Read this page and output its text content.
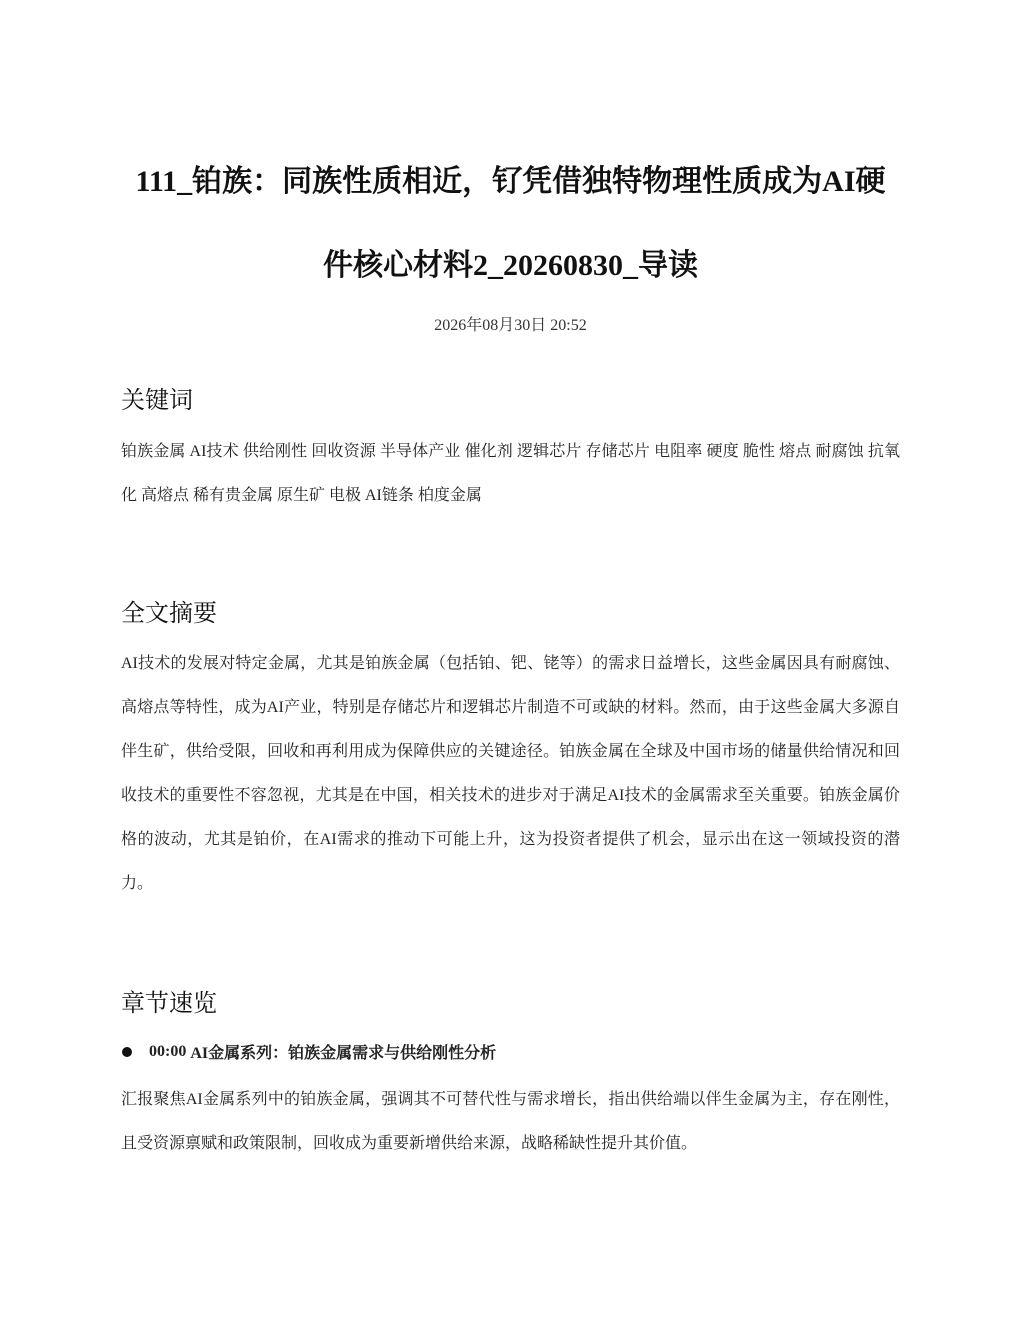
111_铂族：同族性质相近，钌凭借独特物理性质成为AI硬件核心材料2_20260830_导读
2026年08月30日 20:52
关键词

铂族金属 AI技术 供给刚性 回收资源 半导体产业 催化剂 逻辑芯片 存储芯片 电阻率 硬度 脆性 熔点 耐腐蚀 抗氧化 高熔点 稀有贵金属 原生矿 电极 AI链条 柏度金属

全文摘要

AI技术的发展对特定金属，尤其是铂族金属（包括铂、钯、铑等）的需求日益增长，这些金属因具有耐腐蚀、高熔点等特性，成为AI产业，特别是存储芯片和逻辑芯片制造不可或缺的材料。然而，由于这些金属大多源自伴生矿，供给受限，回收和再利用成为保障供应的关键途径。铂族金属在全球及中国市场的储量供给情况和回收技术的重要性不容忽视，尤其是在中国，相关技术的进步对于满足AI技术的金属需求至关重要。铂族金属价格的波动，尤其是铂价，在AI需求的推动下可能上升，这为投资者提供了机会，显示出在这一领域投资的潜力。

章节速览
00:00 AI金属系列：铂族金属需求与供给刚性分析

汇报聚焦AI金属系列中的铂族金属，强调其不可替代性与需求增长，指出供给端以伴生金属为主，存在刚性，且受资源禀赋和政策限制，回收成为重要新增供给来源，战略稀缺性提升其价值。
